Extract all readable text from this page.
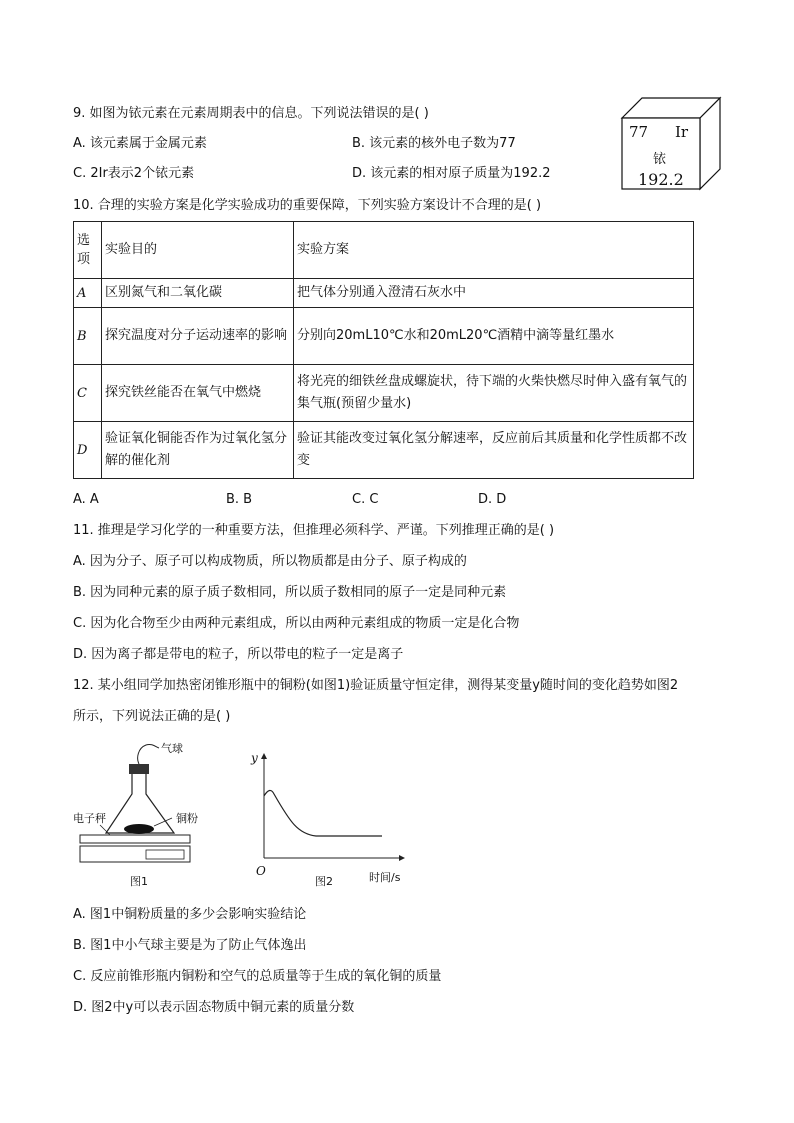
9. 如图为铱元素在元素周期表中的信息。下列说法错误的是( )
A. 该元素属于金属元素	B. 该元素的核外电子数为77
C. 2Ir表示2个铱元素	D. 该元素的相对原子质量为192.2
77 Ir
铱
192.2
10. 合理的实验方案是化学实验成功的重要保障，下列实验方案设计不合理的是( )
选项	实验目的	实验方案
A	区别氮气和二氧化碳	把气体分别通入澄清石灰水中
B	探究温度对分子运动速率的影响	分别向20mL10℃水和20mL20℃酒精中滴等量红墨水
C	探究铁丝能否在氧气中燃烧	将光亮的细铁丝盘成螺旋状，待下端的火柴快燃尽时伸入盛有氧气的集气瓶(预留少量水)
D	验证氧化铜能否作为过氧化氢分解的催化剂	验证其能改变过氧化氢分解速率，反应前后其质量和化学性质都不改变
A. A	B. B	C. C	D. D
11. 推理是学习化学的一种重要方法，但推理必须科学、严谨。下列推理正确的是( )
A. 因为分子、原子可以构成物质，所以物质都是由分子、原子构成的
B. 因为同种元素的原子质子数相同，所以质子数相同的原子一定是同种元素
C. 因为化合物至少由两种元素组成，所以由两种元素组成的物质一定是化合物
D. 因为离子都是带电的粒子，所以带电的粒子一定是离子
12. 某小组同学加热密闭锥形瓶中的铜粉(如图1)验证质量守恒定律，测得某变量y随时间的变化趋势如图2
所示，下列说法正确的是( )
气球
电子秤	铜粉
图1
y
O	时间/s
图2
A. 图1中铜粉质量的多少会影响实验结论
B. 图1中小气球主要是为了防止气体逸出
C. 反应前锥形瓶内铜粉和空气的总质量等于生成的氧化铜的质量
D. 图2中y可以表示固态物质中铜元素的质量分数
